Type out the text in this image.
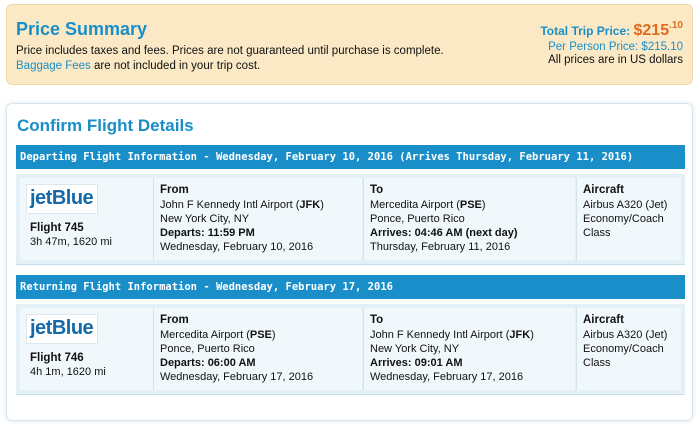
Price Summary
Price includes taxes and fees. Prices are not guaranteed until purchase is complete.
Baggage Fees are not included in your trip cost.
Total Trip Price: $\$215^{.10}$
Per Person Price: $215.10
All prices are in US dollars
Confirm Flight Details
Departing Flight Information - Wednesday, February 10, 2016 (Arrives Thursday, February 11, 2016)
jetBlue
Flight 745
3h 47m, 1620 mi
From
John F Kennedy Intl Airport (JFK)
New York City, NY
Departs: 11:59 PM
Wednesday, February 10, 2016
To
Mercedita Airport (PSE)
Ponce, Puerto Rico
Arrives: 04:46 AM (next day)
Thursday, February 11, 2016
Aircraft
Airbus A320 (Jet)
Economy/Coach
Class
Returning Flight Information - Wednesday, February 17, 2016
jetBlue
Flight 746
4h 1m, 1620 mi
From
Mercedita Airport (PSE)
Ponce, Puerto Rico
Departs: 06:00 AM
Wednesday, February 17, 2016
To
John F Kennedy Intl Airport (JFK)
New York City, NY
Arrives: 09:01 AM
Wednesday, February 17, 2016
Aircraft
Airbus A320 (Jet)
Economy/Coach
Class
